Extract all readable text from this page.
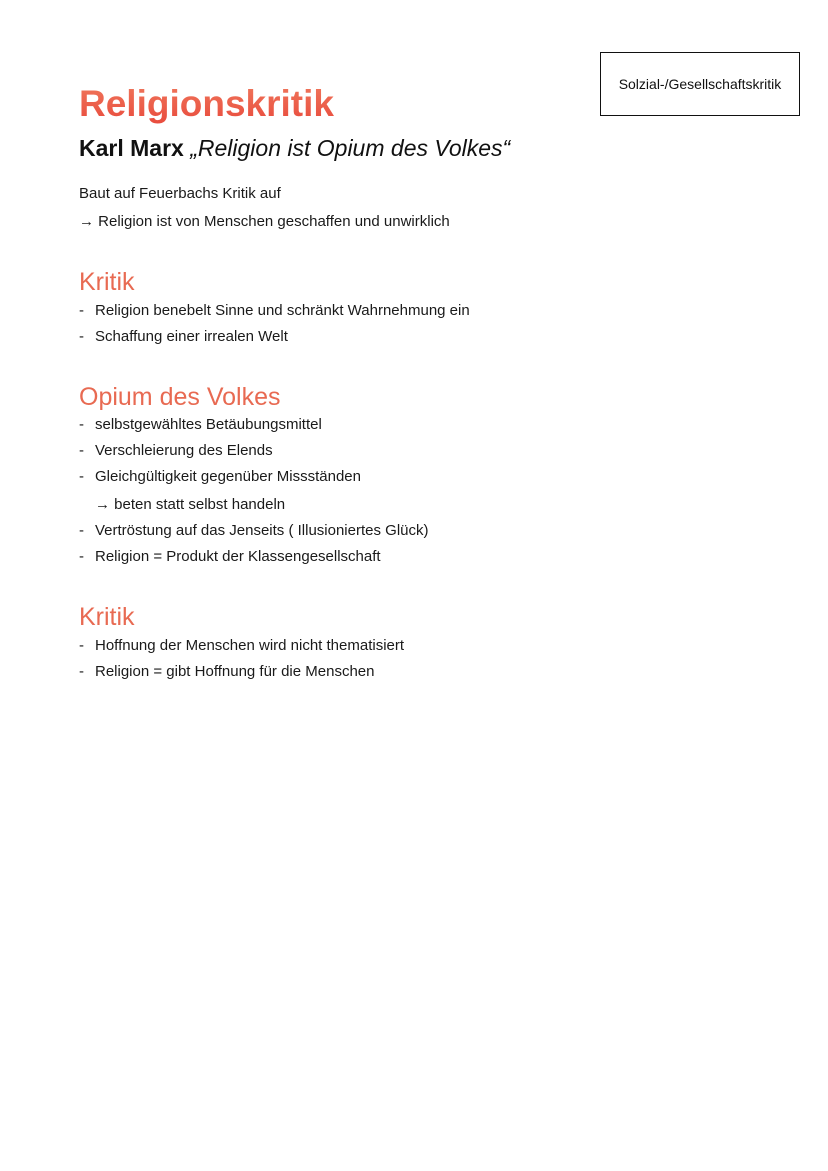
Solzial-/Gesellschaftskritik
Religionskritik
Karl Marx „Religion ist Opium des Volkes“
Baut auf Feuerbachs Kritik auf
→ Religion ist von Menschen geschaffen und unwirklich
Kritik
- Religion benebelt Sinne und schränkt Wahrnehmung ein
- Schaffung einer irrealen Welt
Opium des Volkes
- selbstgewähltes Betäubungsmittel
- Verschleierung des Elends
- Gleichgültigkeit gegenüber Missständen
→ beten statt selbst handeln
- Vertröstung auf das Jenseits ( Illusioniertes Glück)
- Religion = Produkt der Klassengesellschaft
Kritik
- Hoffnung der Menschen wird nicht thematisiert
- Religion = gibt Hoffnung für die Menschen
